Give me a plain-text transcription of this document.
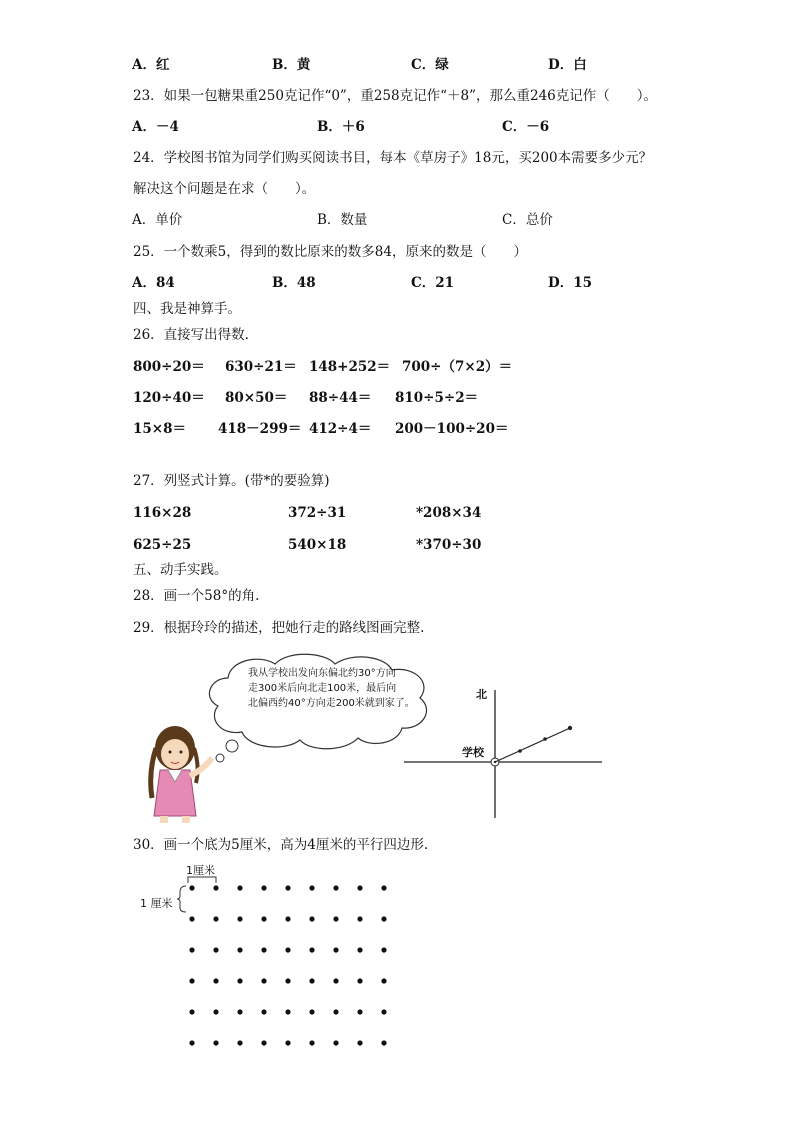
A．红	B．黄	C．绿	D．白
23．如果一包糖果重250克记作“0”，重258克记作“＋8”，那么重246克记作（　　）。
A．－4	B．＋6	C．－6
24．学校图书馆为同学们购买阅读书目，每本《草房子》18元，买200本需要多少元？
解决这个问题是在求（　　）。
A．单价	B．数量	C．总价
25．一个数乘5，得到的数比原来的数多84，原来的数是（　　）
A．84	B．48	C．21	D．15
四、我是神算手。
26．直接写出得数.
800÷20＝ 630÷21＝ 148+252＝ 700÷（7×2）＝
120÷40＝ 80×50＝ 88÷44＝ 810÷5÷2＝
15×8＝ 418－299＝ 412÷4＝ 200－100÷20＝
27．列竖式计算。(带*的要验算)
116×28	372÷31	*208×34
625÷25	540×18	*370÷30
五、动手实践。
28．画一个58°的角.
29．根据玲玲的描述，把她行走的路线图画完整.
我从学校出发向东偏北约30°方向
走300米后向北走100米，最后向
北偏西约40°方向走200米就到家了。
北
学校
30．画一个底为5厘米，高为4厘米的平行四边形.
1厘米
1 厘米
